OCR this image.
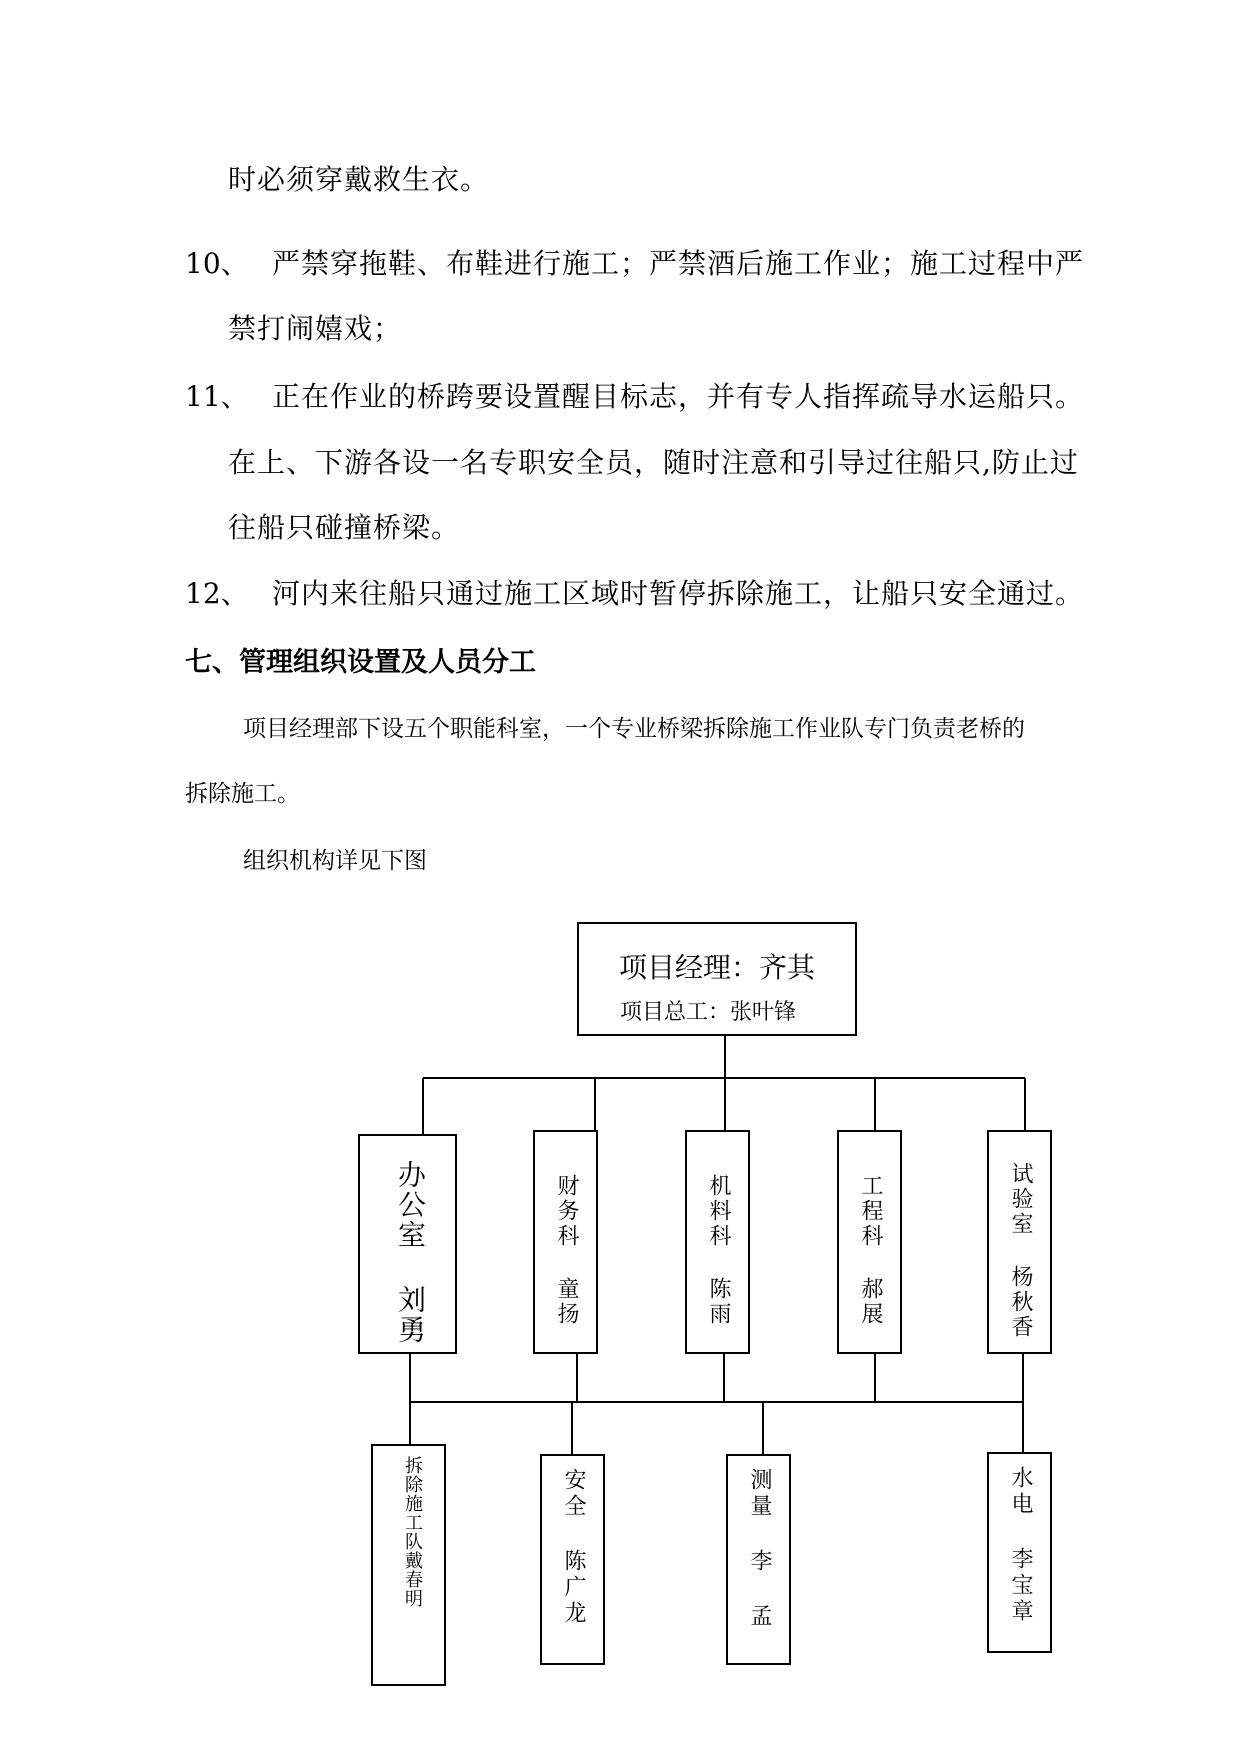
时必须穿戴救生衣。
10、 严禁穿拖鞋、布鞋进行施工；严禁酒后施工作业；施工过程中严
禁打闹嬉戏；
11、 正在作业的桥跨要设置醒目标志，并有专人指挥疏导水运船只。
在上、下游各设一名专职安全员，随时注意和引导过往船只,防止过
往船只碰撞桥梁。
12、 河内来往船只通过施工区域时暂停拆除施工，让船只安全通过。
七、管理组织设置及人员分工
项目经理部下设五个职能科室，一个专业桥梁拆除施工作业队专门负责老桥的
拆除施工。
组织机构详见下图
项目经理：齐其
项目总工：张叶锋
办公室 刘勇	财务科 童扬	机料科 陈雨	工程科 郝展	试验室 杨秋香
拆除施工队戴春明	安全 陈广龙	测量 李 孟	水电 李宝章
